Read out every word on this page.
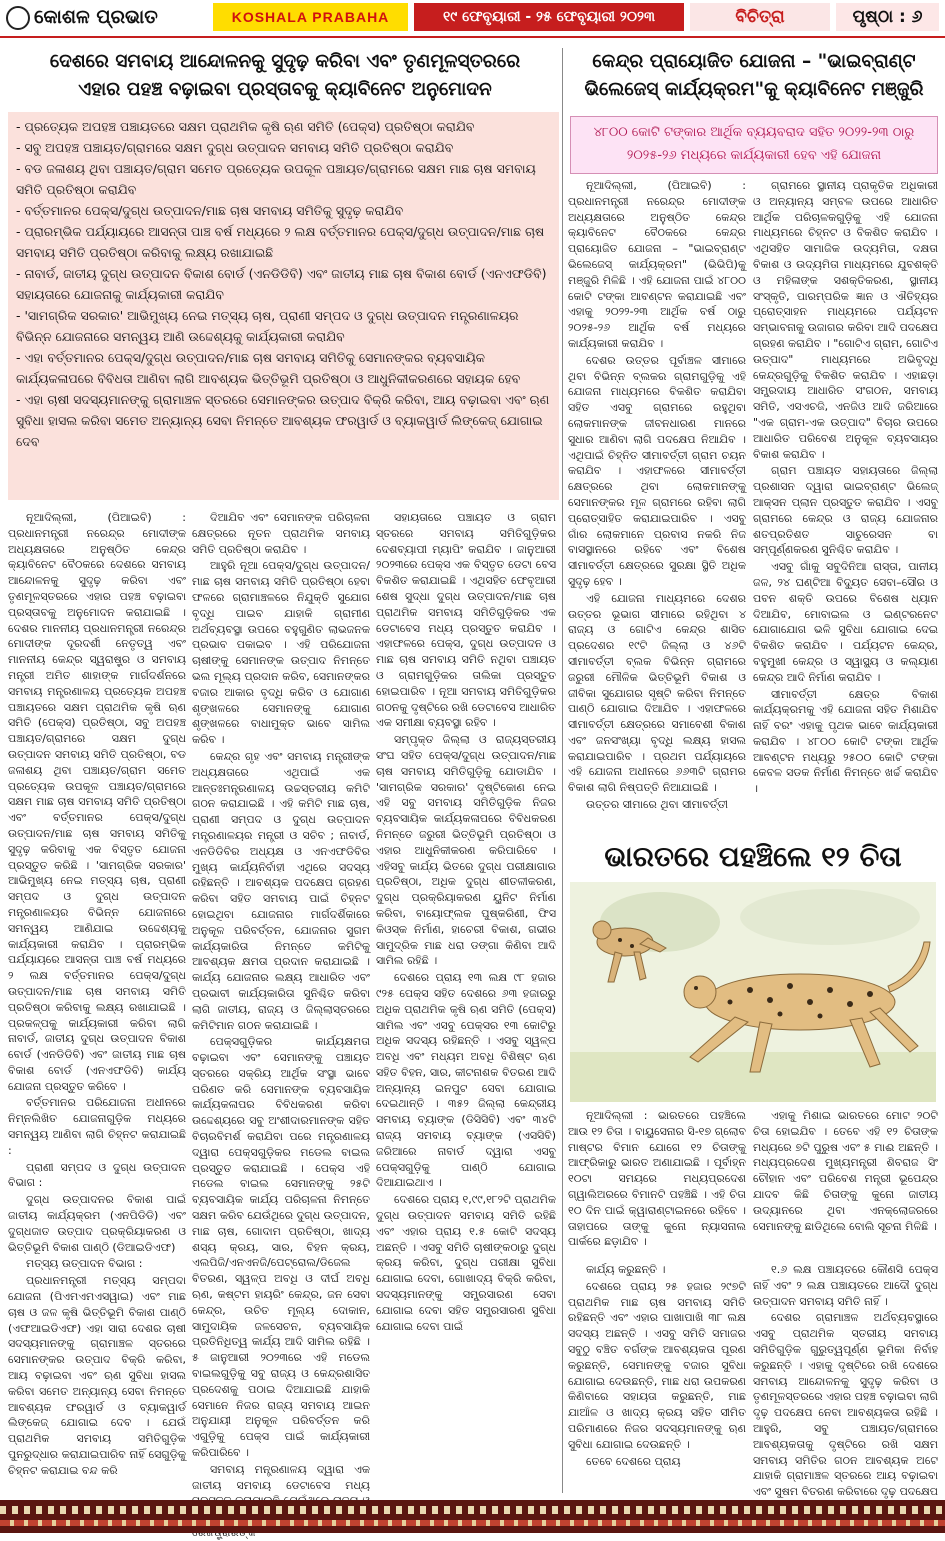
କୋଶଳ ପ୍ରଭାତ	KOSHALA PRABAHA	୧୯ ଫେବୃୟାରୀ - ୨୫ ଫେବୃୟାରୀ ୨୦୨୩	ବିଚିତ୍ରା	ପୃଷ୍ଠା : ୬
ଦେଶରେ ସମବାୟ ଆନ୍ଦୋଳନକୁ ସୁଦୃଢ଼ କରିବା ଏବଂ ତୃଣମୂଳସ୍ତରରେ
ଏହାର ପହଞ୍ଚ ବଢ଼ାଇବା ପ୍ରସ୍ତାବକୁ କ୍ୟାବିନେଟ ଅନୁମୋଦନ
କେନ୍ଦ୍ର ପ୍ରାୟୋଜିତ ଯୋଜନା – "ଭାଇବ୍ରାଣ୍ଟ
ଭିଲେଜେସ୍ କାର୍ଯ୍ୟକ୍ରମ"କୁ କ୍ୟାବିନେଟ ମଞ୍ଜୁରି

- ପ୍ରତ୍ୟେକ ଅପହଞ୍ଚ ପଞ୍ଚାୟତରେ ସକ୍ଷମ ପ୍ରାଥମିକ କୃଷି ଋଣ ସମିତି (ପେକ୍ସ) ପ୍ରତିଷ୍ଠା କରାଯିବ

- ସବୁ ଅପହଞ୍ଚ ପଞ୍ଚାୟତ/ଗ୍ରାମରେ ସକ୍ଷମ ଦୁଗ୍ଧ ଉତ୍ପାଦନ ସମବାୟ ସମିତି ପ୍ରତିଷ୍ଠା କରାଯିବ

- ବଡ ଜଳାଶୟ ଥିବା ପଞ୍ଚାୟତ/ଗ୍ରାମ ସମେତ ପ୍ରତ୍ୟେକ ଉପକୂଳ ପଞ୍ଚାୟତ/ଗ୍ରାମରେ ସକ୍ଷମ ମାଛ ଚାଷ ସମବାୟ ସମିତି ପ୍ରତିଷ୍ଠା କରାଯିବ

- ବର୍ତ୍ତମାନର ପେକ୍ସ/ଦୁଗ୍ଧ ଉତ୍ପାଦନ/ମାଛ ଚାଷ ସମବାୟ ସମିତିକୁ ସୁଦୃଢ଼ କରାଯିବ

- ପ୍ରାରମ୍ଭିକ ପର୍ଯ୍ୟାୟରେ ଆସନ୍ତା ପାଞ୍ଚ ବର୍ଷ ମଧ୍ୟରେ ୨ ଲକ୍ଷ ବର୍ତ୍ତମାନର ପେକ୍ସ/ଦୁଗ୍ଧ ଉତ୍ପାଦନ/ମାଛ ଚାଷ ସମବାୟ ସମିତି ପ୍ରତିଷ୍ଠା କରିବାକୁ ଲକ୍ଷ୍ୟ ରଖାଯାଇଛି

- ନାବାର୍ଡ, ଜାତୀୟ ଦୁଗ୍ଧ ଉତ୍ପାଦନ ବିକାଶ ବୋର୍ଡ (ଏନଡିଡିବି) ଏବଂ ଜାତୀୟ ମାଛ ଚାଷ ବିକାଶ ବୋର୍ଡ (ଏନଏଫଡିବି) ସହାୟତାରେ ଯୋଜନାକୁ କାର୍ଯ୍ୟକାରୀ କରାଯିବ

- 'ସାମଗ୍ରିକ ସରକାର' ଆଭିମୁଖ୍ୟ ନେଇ ମତ୍ସ୍ୟ ଚାଷ, ପ୍ରାଣୀ ସମ୍ପଦ ଓ ଦୁଗ୍ଧ ଉତ୍ପାଦନ ମନ୍ତ୍ରଣାଳୟର ବିଭିନ୍ନ ଯୋଜନାରେ ସମନ୍ୱୟ ଆଣି ଉଦ୍ଦେଶ୍ୟକୁ କାର୍ଯ୍ୟକାରୀ କରାଯିବ

- ଏହା ବର୍ତ୍ତମାନର ପେକ୍ସ/ଦୁଗ୍ଧ ଉତ୍ପାଦନ/ମାଛ ଚାଷ ସମବାୟ ସମିତିକୁ ସେମାନଙ୍କର ବ୍ୟବସାୟିକ କାର୍ଯ୍ୟକଳାପରେ ବିବିଧତା ଆଣିବା ଲାଗି ଆବଶ୍ୟକ ଭିତ୍ତିଭୂମି ପ୍ରତିଷ୍ଠା ଓ ଆଧୁନିକୀକରଣରେ ସହାୟକ ହେବ

- ଏହା ଚାଷୀ ସଦସ୍ୟମାନଙ୍କୁ ଗ୍ରାମାଞ୍ଚଳ ସ୍ତରରେ ସେମାନଙ୍କର ଉତ୍ପାଦ ବିକ୍ରି କରିବା, ଆୟ ବଢ଼ାଇବା ଏବଂ ଋଣ ସୁବିଧା ହାସଲ କରିବା ସମେତ ଅନ୍ୟାନ୍ୟ ସେବା ନିମନ୍ତେ ଆବଶ୍ୟକ ଫରୱାର୍ଡ ଓ ବ୍ୟାକୱାର୍ଡ ଲିଙ୍କେଜ୍ ଯୋଗାଇ ଦେବ

୪୮୦୦ କୋଟି ଟଙ୍କାର ଆର୍ଥିକ ବ୍ୟୟବରାଦ ସହିତ ୨୦୨୨-୨୩ ଠାରୁ ୨୦୨୫-୨୬ ମଧ୍ୟରେ କାର୍ଯ୍ୟକାରୀ ହେବ ଏହି ଯୋଜନା

ନୂଆଦିଲ୍ଲୀ, (ପିଆଇବି) : ପ୍ରଧାନମନ୍ତ୍ରୀ ନରେନ୍ଦ୍ର ମୋଦୀଙ୍କ ଅଧ୍ୟକ୍ଷତାରେ ଅନୁଷ୍ଠିତ କେନ୍ଦ୍ର କ୍ୟାବିନେଟ ବୈଠକରେ ଦେଶରେ ସମବାୟ ଆନ୍ଦୋଳନକୁ ସୁଦୃଢ଼ କରିବା ଏବଂ ତୃଣମୂଳସ୍ତରରେ ଏହାର ପହଞ୍ଚ ବଢ଼ାଇବା ପ୍ରସ୍ତାବକୁ ଅନୁମୋଦନ କରାଯାଇଛି । ଦେଶର ମାନନୀୟ ପ୍ରଧାନମନ୍ତ୍ରୀ ନରେନ୍ଦ୍ର ମୋଦୀଙ୍କ ଦୂରଦର୍ଶୀ ନେତୃତ୍ୱ ଏବଂ ମାନନୀୟ କେନ୍ଦ୍ର ସ୍ୱରାଷ୍ଟ୍ର ଓ ସମବାୟ ମନ୍ତ୍ରୀ ଅମିତ ଶାହାଙ୍କ ମାର୍ଗଦର୍ଶନରେ ସମବାୟ ମନ୍ତ୍ରଣାଳୟ ପ୍ରତ୍ୟେକ ଅପହଞ୍ଚ ପଞ୍ଚାୟତରେ ସକ୍ଷମ ପ୍ରାଥମିକ କୃଷି ଋଣ ସମିତି (ପେକ୍ସ) ପ୍ରତିଷ୍ଠା, ସବୁ ଅପହଞ୍ଚ ପଞ୍ଚାୟତ/ଗ୍ରାମରେ ସକ୍ଷମ ଦୁଗ୍ଧ ଉତ୍ପାଦନ ସମବାୟ ସମିତି ପ୍ରତିଷ୍ଠା, ବଡ ଜଳାଶୟ ଥିବା ପଞ୍ଚାୟତ/ଗ୍ରାମ ସମେତ ପ୍ରତ୍ୟେକ ଉପକୂଳ ପଞ୍ଚାୟତ/ଗ୍ରାମରେ ସକ୍ଷମ ମାଛ ଚାଷ ସମବାୟ ସମିତି ପ୍ରତିଷ୍ଠା ଏବଂ ବର୍ତ୍ତମାନର ପେକ୍ସ/ଦୁଗ୍ଧ ଉତ୍ପାଦନ/ମାଛ ଚାଷ ସମବାୟ ସମିତିକୁ ସୁଦୃଢ଼ କରିବାକୁ ଏକ ବିସ୍ତୃତ ଯୋଜନା ପ୍ରସ୍ତୁତ କରିଛି । 'ସାମଗ୍ରିକ ସରକାର' ଆଭିମୁଖ୍ୟ ନେଇ ମତ୍ସ୍ୟ ଚାଷ, ପ୍ରାଣୀ ସମ୍ପଦ ଓ ଦୁଗ୍ଧ ଉତ୍ପାଦନ ମନ୍ତ୍ରଣାଳୟର ବିଭିନ୍ନ ଯୋଜନାରେ ସମନ୍ୱୟ ଆଣିଯାଇ ଉଦ୍ଦେଶ୍ୟକୁ କାର୍ଯ୍ୟକାରୀ କରାଯିବ । ପ୍ରାରମ୍ଭିକ ପର୍ଯ୍ୟାୟରେ ଆସନ୍ତା ପାଞ୍ଚ ବର୍ଷ ମଧ୍ୟରେ ୨ ଲକ୍ଷ ବର୍ତ୍ତମାନର ପେକ୍ସ/ଦୁଗ୍ଧ ଉତ୍ପାଦନ/ମାଛ ଚାଷ ସମବାୟ ସମିତି ପ୍ରତିଷ୍ଠା କରିବାକୁ ଲକ୍ଷ୍ୟ ରଖାଯାଇଛି । ପ୍ରକଳ୍ପକୁ କାର୍ଯ୍ୟକାରୀ କରିବା ଲାଗି ନାବାର୍ଡ, ଜାତୀୟ ଦୁଗ୍ଧ ଉତ୍ପାଦନ ବିକାଶ ବୋର୍ଡ (ଏନଡିଡିବି) ଏବଂ ଜାତୀୟ ମାଛ ଚାଷ ବିକାଶ ବୋର୍ଡ (ଏନଏଫଡିବି) କାର୍ଯ୍ୟ ଯୋଜନା ପ୍ରସ୍ତୁତ କରିବେ ।

ବର୍ତ୍ତମାନର ପରିଯୋଜନା ଅଧୀନରେ ନିମ୍ନଲିଖିତ ଯୋଜନାଗୁଡ଼ିକ ମଧ୍ୟରେ ସମନ୍ୱୟ ଆଣିବା ଲାଗି ଚିହ୍ନଟ କରାଯାଇଛି :

ପ୍ରାଣୀ ସମ୍ପଦ ଓ ଦୁଗ୍ଧ ଉତ୍ପାଦନ ବିଭାଗ :

ଦୁଗ୍ଧ ଉତ୍ପାଦନର ବିକାଶ ପାଇଁ ଜାତୀୟ କାର୍ଯ୍ୟକ୍ରମ (ଏନପିଡିଡି) ଏବଂ ଦୁଗ୍ଧଜାତ ଉତ୍ପାଦ ପ୍ରକ୍ରିୟାକରଣ ଓ ଭିତ୍ତିଭୂମି ବିକାଶ ପାଣ୍ଠି (ଡିଆଇଡିଏଫ)

ମତ୍ସ୍ୟ ଉତ୍ପାଦନ ବିଭାଗ :

ପ୍ରଧାନମନ୍ତ୍ରୀ ମତ୍ସ୍ୟ ସମ୍ପଦା ଯୋଜନା (ପିଏମଏମଏସୱାଇ) ଏବଂ ମାଛ ଚାଷ ଓ ଜଳ କୃଷି ଭିତ୍ତିଭୂମି ବିକାଶ ପାଣ୍ଠି (ଏଫଆଇଡିଏଫ) ଏହା ସାରା ଦେଶର ଚାଷୀ ସଦସ୍ୟମାନଙ୍କୁ ଗ୍ରାମାଞ୍ଚଳ ସ୍ତରରେ ସେମାନଙ୍କର ଉତ୍ପାଦ ବିକ୍ରି କରିବା, ଆୟ ବଢ଼ାଇବା ଏବଂ ଋଣ ସୁବିଧା ହାସଲ କରିବା ସମେତ ଅନ୍ୟାନ୍ୟ ସେବା ନିମନ୍ତେ ଆବଶ୍ୟକ ଫରୱାର୍ଡ ଓ ବ୍ୟାକୱାର୍ଡ ଲିଙ୍କେଜ୍ ଯୋଗାଇ ଦେବ । ଯେଉଁ ପ୍ରାଥମିକ ସମବାୟ ସମିତିଗୁଡ଼ିକ ପୁନରୁଦ୍ଧାର କରାଯାଇପାରିବ ନାହିଁ ସେଗୁଡ଼ିକୁ ଚିହ୍ନଟ କରାଯାଇ ବନ୍ଦ କରି

ଦିଆଯିବ ଏବଂ ସେମାନଙ୍କ ପରିଚାଳନା କ୍ଷେତ୍ରରେ ନୂତନ ପ୍ରାଥମିକ ସମବାୟ ସମିତି ପ୍ରତିଷ୍ଠା କରାଯିବ ।

ଆହୁରି ନୂଆ ପେକ୍ସ/ଦୁଗ୍ଧ ଉତ୍ପାଦନ/ମାଛ ଚାଷ ସମବାୟ ସମିତି ପ୍ରତିଷ୍ଠା ହେବା ଫଳରେ ଗ୍ରାମାଞ୍ଚଳରେ ନିଯୁକ୍ତି ସୁଯୋଗ ବୃଦ୍ଧି ପାଇବ ଯାହାକି ଗ୍ରାମୀଣ ଅର୍ଥବ୍ୟବସ୍ଥା ଉପରେ ବହୁଗୁଣିତ ଲାଭଜନକ ପ୍ରଭାବ ପକାଇବ । ଏହି ପରିଯୋଜନା ଚାଷୀଙ୍କୁ ସେମାନଙ୍କ ଉତ୍ପାଦ ନିମନ୍ତେ ଭଲ ମୂଲ୍ୟ ପ୍ରଦାନ କରିବ, ସେମାନଙ୍କର ବଜାର ଆକାର ବୃଦ୍ଧି କରିବ ଓ ଯୋଗାଣ ଶୃଙ୍ଖଳରେ ସେମାନଙ୍କୁ ଯୋଗାଣ ଶୃଙ୍ଖଳରେ ବାଧାମୁକ୍ତ ଭାବେ ସାମିଲ କରିବ ।

କେନ୍ଦ୍ର ଗୃହ ଏବଂ ସମବାୟ ମନ୍ତ୍ରୀଙ୍କ ଅଧ୍ୟକ୍ଷତାରେ ଏଥିପାଇଁ ଏକ ଆନ୍ତଃମନ୍ତ୍ରଣାଳୟ ଉଚ୍ଚସ୍ତରୀୟ କମିଟି ଗଠନ କରାଯାଇଛି । ଏହି କମିଟି ମାଛ ଚାଷ, ପ୍ରାଣୀ ସମ୍ପଦ ଓ ଦୁଗ୍ଧ ଉତ୍ପାଦନ ମନ୍ତ୍ରଣାଳୟର ମନ୍ତ୍ରୀ ଓ ସଚିବ ; ନାବାର୍ଡ, ଏନଡିଡିବିର ଅଧ୍ୟକ୍ଷ ଓ ଏନଏଫଡିବିର ମୁଖ୍ୟ କାର୍ଯ୍ୟନିର୍ବାହୀ ଏଥିରେ ସଦସ୍ୟ ରହିଛନ୍ତି । ଆବଶ୍ୟକ ପଦକ୍ଷେପ ଗ୍ରହଣ କରିବା ସହିତ ସମବାୟ ପାଇଁ ଚିହ୍ନଟ ହୋଇଥିବା ଯୋଜନାର ମାର୍ଗଦର୍ଶିକାରେ ଅନୁକୂଳ ପରିବର୍ତ୍ତନ, ଯୋଜନାର ସୁଗମ କାର୍ଯ୍ୟକାରିତା ନିମନ୍ତେ କମିଟିକୁ ଆବଶ୍ୟକ କ୍ଷମତା ପ୍ରଦାନ କରାଯାଇଛି । କାର୍ଯ୍ୟ ଯୋଜନାର ଲକ୍ଷ୍ୟ ଆଧାରିତ ଏବଂ ପ୍ରଭାବୀ କାର୍ଯ୍ୟକାରିତା ସୁନିଶ୍ଚିତ କରିବା ଲାଗି ଜାତୀୟ, ରାଜ୍ୟ ଓ ଜିଲ୍ଲାସ୍ତରରେ କମିଟିମାନ ଗଠନ କରାଯାଇଛି ।

ପେକ୍ସଗୁଡ଼ିକର କାର୍ଯ୍ୟକ୍ଷମତା ବଢ଼ାଇବା ଏବଂ ସେମାନଙ୍କୁ ପଞ୍ଚାୟତ ସ୍ତରରେ ସକ୍ରିୟ ଆର୍ଥିକ ସଂସ୍ଥା ଭାବେ ପରିଣତ କରି ସେମାନଙ୍କ ବ୍ୟବସାୟିକ କାର୍ଯ୍ୟକଳାପର ବିବିଧକରଣ କରିବା ଉଦ୍ଦେଶ୍ୟରେ ସବୁ ଅଂଶୀଦାରମାନଙ୍କ ସହିତ ବିଚାରବିମର୍ଶ କରାଯିବା ପରେ ମନ୍ତ୍ରଣାଳୟ ଦ୍ୱାରା ପେକ୍ସଗୁଡ଼ିକର ମଡେଲ ବାଇଲ ପ୍ରସ୍ତୁତ କରାଯାଇଛି । ପେକ୍ସ ଏହି ମଡେଲ ବାଇଲ ସେମାନଙ୍କୁ ୨୫ଟି ବ୍ୟବସାୟିକ କାର୍ଯ୍ୟ ପରିଚାଳନା ନିମନ୍ତେ ସକ୍ଷମ କରିବ ଯେଉଁଥିରେ ଦୁଗ୍ଧ ଉତ୍ପାଦନ, ମାଛ ଚାଷ, ଗୋଦାମ ପ୍ରତିଷ୍ଠା, ଖାଦ୍ୟ ଶସ୍ୟ କ୍ରୟ, ସାର, ବିହନ କ୍ରୟ, ଏଲପିଜି/ଏନଏନଜି/ପେଟ୍ରୋଲ/ଡିଜେଲ ବିତରଣ, ସ୍ୱଳ୍ପ ଅବଧି ଓ ଦୀର୍ଘ ଅବଧି ଋଣ, କଷ୍ଟମ ହାୟରିଂ କେନ୍ଦ୍ର, ଜନ ସେବା କେନ୍ଦ୍ର, ଉଚିତ ମୂଲ୍ୟ ଦୋକାନ, ସାମୁଦାୟିକ ଜଳସେଚନ, ବ୍ୟବସାୟିକ ପ୍ରତିନିଧିତ୍ୱ କାର୍ଯ୍ୟ ଆଦି ସାମିଲ ରହିଛି । ୫ ଜାନୁଆରୀ ୨୦୨୩ରେ ଏହି ମଡେଲ ବାଇଲଗୁଡ଼ିକୁ ସବୁ ରାଜ୍ୟ ଓ କେନ୍ଦ୍ରଶାସିତ ପ୍ରଦେଶକୁ ପଠାଇ ଦିଆଯାଇଛି ଯାହାକି ସେମାନେ ନିଜର ରାଜ୍ୟ ସମବାୟ ଆଇନ ଅନୁଯାୟୀ ଅନୁକୂଳ ପରିବର୍ତ୍ତନ କରି ଏଗୁଡ଼ିକୁ ପେକ୍ସ ପାଇଁ କାର୍ଯ୍ୟକାରୀ କରିପାରିବେ ।

ସମବାୟ ମନ୍ତ୍ରଣାଳୟ ଦ୍ୱାରା ଏକ ଜାତୀୟ ସମବାୟ ଡେଟାବେସ ମଧ୍ୟ

ସହାୟତାରେ ପଞ୍ଚାୟତ ଓ ଗ୍ରାମ ସ୍ତରରେ ସମବାୟ ସମିତିଗୁଡ଼ିକର ଦେଶବ୍ୟାପୀ ମ୍ୟାପିଂ କରାଯିବ । ଜାନୁଆରୀ ୨୦୨୩ରେ ପେକ୍ସ ଏକ ବିସ୍ତୃତ ଡେଟା ବେସ ବିକଶିତ କରାଯାଇଛି । ଏଥିସହିତ ଫେବୃଆରୀ ଶେଷ ସୁଦ୍ଧା ଦୁଗ୍ଧ ଉତ୍ପାଦନ/ମାଛ ଚାଷ ପ୍ରାଥମିକ ସମବାୟ ସମିତିଗୁଡ଼ିକର ଏକ ଡେଟାବେସ ମଧ୍ୟ ପ୍ରସ୍ତୁତ କରାଯିବ । ଏହାଫଳରେ ପେକ୍ସ, ଦୁଗ୍ଧ ଉତ୍ପାଦନ ଓ ମାଛ ଚାଷ ସମବାୟ ସମିତି ନଥିବା ପଞ୍ଚାୟତ ଓ ଗ୍ରାମଗୁଡ଼ିକର ତାଲିକା ପ୍ରସ୍ତୁତ ହୋଇପାରିବ । ନୂଆ ସମବାୟ ସମିତିଗୁଡ଼ିକର ଗଠନକୁ ଦୃଷ୍ଟିରେ ରଖି ଡେଟାବେସ ଆଧାରିତ ଏକ ସମୀକ୍ଷା ବ୍ୟବସ୍ଥା ରହିବ ।

ସମ୍ପୃକ୍ତ ଜିଲ୍ଲା ଓ ରାଜ୍ୟସ୍ତରୀୟ ସଂଘ ସହିତ ପେକ୍ସ/ଦୁଗ୍ଧ ଉତ୍ପାଦନ/ମାଛ ଚାଷ ସମବାୟ ସମିତିଗୁଡ଼ିକୁ ଯୋଡାଯିବ । 'ସାମଗ୍ରିକ ସରକାର' ଦୃଷ୍ଟିକୋଣ ନେଇ ଏହି ସବୁ ସମବାୟ ସମିତିଗୁଡ଼ିକ ନିଜର ବ୍ୟବସାୟିକ କାର୍ଯ୍ୟକଳାପରେ ବିବିଧକରଣ ନିମନ୍ତେ ଜରୁରୀ ଭିତ୍ତିଭୂମି ପ୍ରତିଷ୍ଠା ଓ ଏହାର ଆଧୁନିକୀକରଣ କରିପାରିବେ । ଏହିସବୁ କାର୍ଯ୍ୟ ଭିତରେ ଦୁଗ୍ଧ ପରୀକ୍ଷାଗାର ପ୍ରତିଷ୍ଠା, ଅଧିକ ଦୁଗ୍ଧ ଶୀତଳୀକରଣ, ଦୁଗ୍ଧ ପ୍ରକ୍ରିୟାକରଣ ୟୁନିଟ ନିର୍ମାଣ କରିବା, ବାୟୋଫ୍ଲକ ପୁଷ୍କରିଣୀ, ଫିସ କିଓସ୍କ ନିର୍ମାଣ, ହାଚେରୀ ବିକାଶ, ଗଭୀର ସାମୁଦ୍ରିକ ମାଛ ଧରା ଡଙ୍ଗା କିଣିବା ଆଦି ସାମିଲ ରହିଛି ।

ଦେଶରେ ପ୍ରାୟ ୧୩ ଲକ୍ଷ ୯୮ ହଜାର ୯୨୫ ପେକ୍ସ ସହିତ ଦେଶରେ ୬୩ ହଜାରରୁ ଅଧିକ ପ୍ରାଥମିକ କୃଷି ଋଣ ସମିତି (ପେକ୍ସ) ସାମିଲ ଏବଂ ଏସବୁ ପେକ୍ସର ୧୩ କୋଟିରୁ ଅଧିକ ସଦସ୍ୟ ରହିଛନ୍ତି । ଏସବୁ ସ୍ୱଳ୍ପ ଅବଧି ଏବଂ ମଧ୍ୟମ ଅବଧି ବିଶିଷ୍ଟ ଋଣ ସହିତ ବିହନ, ସାର, କୀଟନାଶକ ବିତରଣ ଆଦି ଅନ୍ୟାନ୍ୟ ଇନପୁଟ ସେବା ଯୋଗାଇ ଦେଇଥାନ୍ତି । ୩୫୨ ଜିଲ୍ଲା କେନ୍ଦ୍ରୀୟ ସମବାୟ ବ୍ୟାଙ୍କ (ଡିସିସିବି) ଏବଂ ୩୪ଟି ରାଜ୍ୟ ସମବାୟ ବ୍ୟାଙ୍କ (ଏସସିବି) ଜରିଆରେ ନାବାର୍ଡ ଦ୍ୱାରା ଏସବୁ ପେକ୍ସଗୁଡ଼ିକୁ ପାଣ୍ଠି ଯୋଗାଇ ଦିଆଯାଇଥାଏ ।

ଦେଶରେ ପ୍ରାୟ ୧,୯୯,୧୮୨ଟି ପ୍ରାଥମିକ ଦୁଗ୍ଧ ଉତ୍ପାଦନ ସମବାୟ ସମିତି ରହିଛି ଏବଂ ଏହାର ପ୍ରାୟ ୧.୫ କୋଟି ସଦସ୍ୟ ଅଛନ୍ତି । ଏସବୁ ସମିତି ଚାଷୀଙ୍କଠାରୁ ଦୁଗ୍ଧ କ୍ରୟ କରିବା, ଦୁଗ୍ଧ ପରୀକ୍ଷା ସୁବିଧା ଯୋଗାଇ ଦେବା, ଗୋଖାଦ୍ୟ ବିକ୍ରି କରିବା, ସଦସ୍ୟମାନଙ୍କୁ ସମ୍ପ୍ରସାରଣ ସେବା ଯୋଗାଇ ଦେବା ସହିତ ସମ୍ପ୍ରସାରଣ ସୁବିଧା ଯୋଗାଇ ଦେବା ପାଇଁ

ନୂଆଦିଲ୍ଲୀ, (ପିଆଇବି) : ପ୍ରଧାନମନ୍ତ୍ରୀ ନରେନ୍ଦ୍ର ମୋଦୀଙ୍କ ଅଧ୍ୟକ୍ଷତାରେ ଅନୁଷ୍ଠିତ କେନ୍ଦ୍ର କ୍ୟାବିନେଟ ବୈଠକରେ କେନ୍ଦ୍ର ପ୍ରାୟୋଜିତ ଯୋଜନା – "ଭାଇବ୍ରାଣ୍ଟ ଭିଲେଜେସ୍ କାର୍ଯ୍ୟକ୍ରମ" (ଭିଭିପି)କୁ ମଞ୍ଜୁରି ମିଳିଛି । ଏହି ଯୋଜନା ପାଇଁ ୪୮୦୦ କୋଟି ଟଙ୍କା ଆବଣ୍ଟନ କରାଯାଇଛି ଏବଂ ଏହାକୁ ୨୦୨୨-୨୩ ଆର୍ଥିକ ବର୍ଷ ଠାରୁ ୨୦୨୫-୨୬ ଆର୍ଥିକ ବର୍ଷ ମଧ୍ୟରେ କାର୍ଯ୍ୟକାରୀ କରାଯିବ ।

ଦେଶର ଉତ୍ତର ପୂର୍ବାଞ୍ଚଳ ସୀମାରେ ଥିବା ବିଭିନ୍ନ ବ୍ଲକର ଗ୍ରାମଗୁଡ଼ିକୁ ଏହି ଯୋଜନା ମାଧ୍ୟମରେ ବିକଶିତ କରାଯିବା ସହିତ ଏସବୁ ଗ୍ରାମରେ ରହୁଥିବା ଲୋକମାନଙ୍କ ଜୀବନଧାରଣ ମାନରେ ସୁଧାର ଆଣିବା ଲାଗି ପଦକ୍ଷେପ ନିଆଯିବ । ଏଥିପାଇଁ ଚିହ୍ନିତ ସୀମାବର୍ତ୍ତୀ ଗ୍ରାମ ଚୟନ କରାଯିବ । ଏହାଫଳରେ ସୀମାବର୍ତ୍ତୀ କ୍ଷେତ୍ରରେ ଥିବା ଲୋକମାନଙ୍କୁ ସେମାନଙ୍କର ମୂଳ ଗ୍ରାମରେ ରହିବା ଲାଗି ପ୍ରୋତ୍ସାହିତ କରାଯାଇପାରିବ । ଏସବୁ ଗାଁର ଲୋକମାନେ ପ୍ରବାସ ନକରି ନିଜ ବାସସ୍ଥାନରେ ରହିବେ ଏବଂ ବିଶେଷ ସୀମାବର୍ତ୍ତୀ କ୍ଷେତ୍ରରେ ସୁରକ୍ଷା ସ୍ଥିତି ଅଧିକ ସୁଦୃଢ଼ ହେବ ।

ଏହି ଯୋଜନା ମାଧ୍ୟମରେ ଦେଶର ଉତ୍ତର ଭୂଭାଗ ସୀମାରେ ରହିଥିବା ୪ ରାଜ୍ୟ ଓ ଗୋଟିଏ କେନ୍ଦ୍ର ଶାସିତ ପ୍ରଦେଶର ୧୯ଟି ଜିଲ୍ଲା ଓ ୪୬ଟି ସୀମାବର୍ତ୍ତୀ ବ୍ଲକ ବିଭିନ୍ନ ଗ୍ରାମରେ ଜରୁରୀ ମୌଳିକ ଭିତ୍ତିଭୂମି ବିକାଶ ଓ ଜୀବିକା ସୁଯୋଗର ସୃଷ୍ଟି କରିବା ନିମନ୍ତେ ପାଣ୍ଠି ଯୋଗାଇ ଦିଆଯିବ । ଏହାଫଳରେ ସୀମାବର୍ତ୍ତୀ କ୍ଷେତ୍ରରେ ସମାବେଶୀ ବିକାଶ ଏବଂ ଜନସଂଖ୍ୟା ବୃଦ୍ଧି ଲକ୍ଷ୍ୟ ହାସଲ କରାଯାଇପାରିବ । ପ୍ରଥମ ପର୍ଯ୍ୟାୟରେ ଏହି ଯୋଜନା ଅଧୀନରେ ୬୬୩ଟି ଗ୍ରାମର ବିକାଶ ଲାଗି ନିଷ୍ପତ୍ତି ନିଆଯାଇଛି ।

ଉତ୍ତର ସୀମାରେ ଥିବା ସୀମାବର୍ତ୍ତୀ

ଗ୍ରାମରେ ସ୍ଥାନୀୟ ପ୍ରାକୃତିକ ଅଧିକାରୀ ଓ ଅନ୍ୟାନ୍ୟ ସମ୍ବଳ ଉପରେ ଆଧାରିତ ଆର୍ଥିକ ପରିଚାଳକଗୁଡ଼ିକୁ ଏହି ଯୋଜନା ମାଧ୍ୟମରେ ଚିହ୍ନଟ ଓ ବିକଶିତ କରାଯିବ । ଏଥିସହିତ ସାମାଜିକ ଉଦ୍ୟମିତା, ଦକ୍ଷତା ବିକାଶ ଓ ଉଦ୍ୟମିତା ମାଧ୍ୟମରେ ଯୁବଶକ୍ତି ଓ ମହିଳାଙ୍କ ସଶକ୍ତିକରଣ, ସ୍ଥାନୀୟ ସଂସ୍କୃତି, ପାରମ୍ପରିକ ଜ୍ଞାନ ଓ ଐତିହ୍ୟର ପ୍ରୋତ୍ସାହନ ମାଧ୍ୟମରେ ପର୍ଯ୍ୟଟନ ସମ୍ଭାବନାକୁ ଉଜାଗର କରିବା ଆଦି ପଦକ୍ଷେପ ଗ୍ରହଣ କରାଯିବ । "ଗୋଟିଏ ଗ୍ରାମ, ଗୋଟିଏ ଉତ୍ପାଦ" ମାଧ୍ୟମରେ ଅଭିବୃଦ୍ଧି କେନ୍ଦ୍ରଗୁଡ଼ିକୁ ବିକଶିତ କରାଯିବ । ଏହାଛଡ଼ା ସମ୍ପ୍ରଦାୟ ଆଧାରିତ ସଂଗଠନ, ସମବାୟ ସମିତି, ଏସଏଚଜି, ଏନଜିଓ ଆଦି ଜରିଆରେ "ଏକ ଗ୍ରାମ-ଏକ ଉତ୍ପାଦ" ବିଚାର ଉପରେ ଆଧାରିତ ପରିବେଶ ଅନୁକୂଳ ବ୍ୟବସାୟର ବିକାଶ କରାଯିବ ।

ଗ୍ରାମ ପଞ୍ଚାୟତ ସହାୟତାରେ ଜିଲ୍ଲା ପ୍ରଶାସନ ଦ୍ୱାରା ଭାଇବ୍ରାଣ୍ଟ ଭିଲେଜ୍ ଆକ୍ସନ ପ୍ଲାନ ପ୍ରସ୍ତୁତ କରାଯିବ । ଏସବୁ ଗ୍ରାମରେ କେନ୍ଦ୍ର ଓ ରାଜ୍ୟ ଯୋଜନାର ଶତପ୍ରତିଶତ ସାଚୁରେସନ ବା ସମ୍ପୂର୍ଣ୍ଣକରଣ ସୁନିଶ୍ଚିତ କରାଯିବ ।

ଏସବୁ ଗାଁକୁ ସବୁଦିନିଆ ରାସ୍ତା, ପାନୀୟ ଜଳ, ୨୪ ଘଣ୍ଟିଆ ବିଦ୍ୟୁତ ସେବା–ସୌର ଓ ପବନ ଶକ୍ତି ଉପରେ ବିଶେଷ ଧ୍ୟାନ ଦିଆଯିବ, ମୋବାଇଲ ଓ ଇଣ୍ଟରନେଟ ଯୋଗାଯୋଗ ଭଳି ସୁବିଧା ଯୋଗାଇ ଦେଇ ବିକଶିତ କରାଯିବ । ପର୍ଯ୍ୟଟନ କେନ୍ଦ୍ର, ବହୁମୁଖୀ କେନ୍ଦ୍ର ଓ ସ୍ୱାସ୍ଥ୍ୟ ଓ କଲ୍ୟାଣ କେନ୍ଦ୍ର ଆଦି ନିର୍ମାଣ କରାଯିବ ।

ସୀମାବର୍ତ୍ତୀ କ୍ଷେତ୍ର ବିକାଶ କାର୍ଯ୍ୟକ୍ରମକୁ ଏହି ଯୋଜନା ସହିତ ମିଶାଯିବ ନାହିଁ ବରଂ ଏହାକୁ ପୃଥକ ଭାବେ କାର୍ଯ୍ୟକାରୀ କରାଯିବ । ୪୮୦୦ କୋଟି ଟଙ୍କା ଆର୍ଥିକ ଆବଣ୍ଟନ ମଧ୍ୟରୁ ୨୫୦୦ କୋଟି ଟଙ୍କା କେବଳ ସଡକ ନିର୍ମାଣ ନିମନ୍ତେ ଖର୍ଚ୍ଚ କରାଯିବ ।

ଭାରତରେ ପହଞ୍ଚିଲେ ୧୨ ଚିତା

ନୂଆଦିଲ୍ଲୀ : ଭାରତରେ ପହଞ୍ଚିଲେ ଆଉ ୧୨ ଚିତା । ବାୟୁସେନାର ସି-୧୭ ଗ୍ଲୋବ ମାଷ୍ଟର ବିମାନ ଯୋଗେ ୧୨ ଚିତାଙ୍କୁ ଆଫ୍ରିକାରୁ ଭାରତ ଅଣାଯାଇଛି । ପୂର୍ବାହ୍ନ ୧୦ଟା ସମୟରେ ମଧ୍ୟପ୍ରଦେଶ ଗ୍ୱାଲିଅରରେ ବିମାନଟି ପହଞ୍ଚିଛି । ଏହି ଚିତା ୧୦ ଦିନ ପାଇଁ କ୍ୱାରାଣ୍ଟାଇନରେ ରହିବେ । ତାହାପରେ ତାଙ୍କୁ କୁନୋ ନ୍ୟାସନାଲ ପାର୍କରେ ଛଡ଼ାଯିବ ।

ଏହାକୁ ମିଶାଇ ଭାରତରେ ମୋଟ ୨୦ଟି ଚିତା ହୋଇଯିବ । ତେବେ ଏହି ୧୨ ଚିତାଙ୍କ ମଧ୍ୟରେ ୭ଟି ପୁରୁଷ ଏବଂ ୫ ମାଈ ଅଛନ୍ତି । ମଧ୍ୟପ୍ରଦେଶ ମୁଖ୍ୟମନ୍ତ୍ରୀ ଶିବରାଜ ସିଂ ଚୌହାନ ଏବଂ ପରିବେଶ ମନ୍ତ୍ରୀ ଭୂପେନ୍ଦ୍ର ଯାଦବ କିଛି ଚିତାଙ୍କୁ କୁନୋ ଜାତୀୟ ଉଦ୍ୟାନରେ ଥିବା ଏନକ୍ଲୋଜରରେ ସେମାନଙ୍କୁ ଛାଡିଥିଲେ ବୋଲି ସୂଚନା ମିଳିଛି ।

କାର୍ଯ୍ୟ କରୁଛନ୍ତି ।

ଦେଶରେ ପ୍ରାୟ ୨୫ ହଜାର ୨୯୭ଟି ପ୍ରାଥମିକ ମାଛ ଚାଷ ସମବାୟ ସମିତି ରହିଛନ୍ତି ଏବଂ ଏହାର ପାଖାପାଖି ୩୮ ଲକ୍ଷ ସଦସ୍ୟ ଅଛନ୍ତି । ଏସବୁ ସମିତି ସମାଜର ସବୁଠୁ ବଞ୍ଚିତ ବର୍ଗଙ୍କ ଆବଶ୍ୟକତା ପୂରଣ କରୁଛନ୍ତି, ସେମାନଙ୍କୁ ବଜାର ସୁବିଧା ଯୋଗାଇ ଦେଉଛନ୍ତି, ମାଛ ଧରା ଉପକରଣ କିଣିବାରେ ସହାୟତା କରୁଛନ୍ତି, ମାଛ ଯାଆଁଳ ଓ ଖାଦ୍ୟ କ୍ରୟ ସହିତ ସୀମିତ ପରିମାଣରେ ନିଜର ସଦସ୍ୟମାନଙ୍କୁ ଋଣ ସୁବିଧା ଯୋଗାଇ ଦେଉଛନ୍ତି ।

ତେବେ ଦେଶରେ ପ୍ରାୟ

୧.୬ ଲକ୍ଷ ପଞ୍ଚାୟତରେ କୌଣସି ପେକ୍ସ ନାହିଁ ଏବଂ ୨ ଲକ୍ଷ ପଞ୍ଚାୟତରେ ଆଦୌ ଦୁଗ୍ଧ ଉତ୍ପାଦନ ସମବାୟ ସମିତି ନାହିଁ ।

ଦେଶର ଗ୍ରାମାଞ୍ଚଳ ଅର୍ଥବ୍ୟବସ୍ଥାରେ ଏସବୁ ପ୍ରାଥମିକ ସ୍ତରୀୟ ସମବାୟ ସମିତିଗୁଡ଼ିକ ଗୁରୁତ୍ୱପୂର୍ଣ୍ଣ ଭୂମିକା ନିର୍ବାହ କରୁଛନ୍ତି । ଏହାକୁ ଦୃଷ୍ଟିରେ ରଖି ଦେଶରେ ସମବାୟ ଆନ୍ଦୋଳନକୁ ସୁଦୃଢ଼ କରିବା ଓ ତୃଣମୂଳସ୍ତରରେ ଏହାର ପହଞ୍ଚ ବଢ଼ାଇବା ଲାଗି ଦୃଢ଼ ପଦକ୍ଷେପ ନେବା ଆବଶ୍ୟକତା ରହିଛି । ଆହୁରି, ସବୁ ପଞ୍ଚାୟତ/ଗ୍ରାମରେ ଆବଶ୍ୟକତାକୁ ଦୃଷ୍ଟିରେ ରଖି ସକ୍ଷମ ସମବାୟ ସମିତିର ଗଠନ ଆବଶ୍ୟକ ଅଟେ ଯାହାକି ଗ୍ରାମାଞ୍ଚଳ ସ୍ତରରେ ଆୟ ବଢ଼ାଇବା ଏବଂ ସୁଷମ ବିତରଣ କରିବାରେ ଦୃଢ଼ ପଦକ୍ଷେପ
